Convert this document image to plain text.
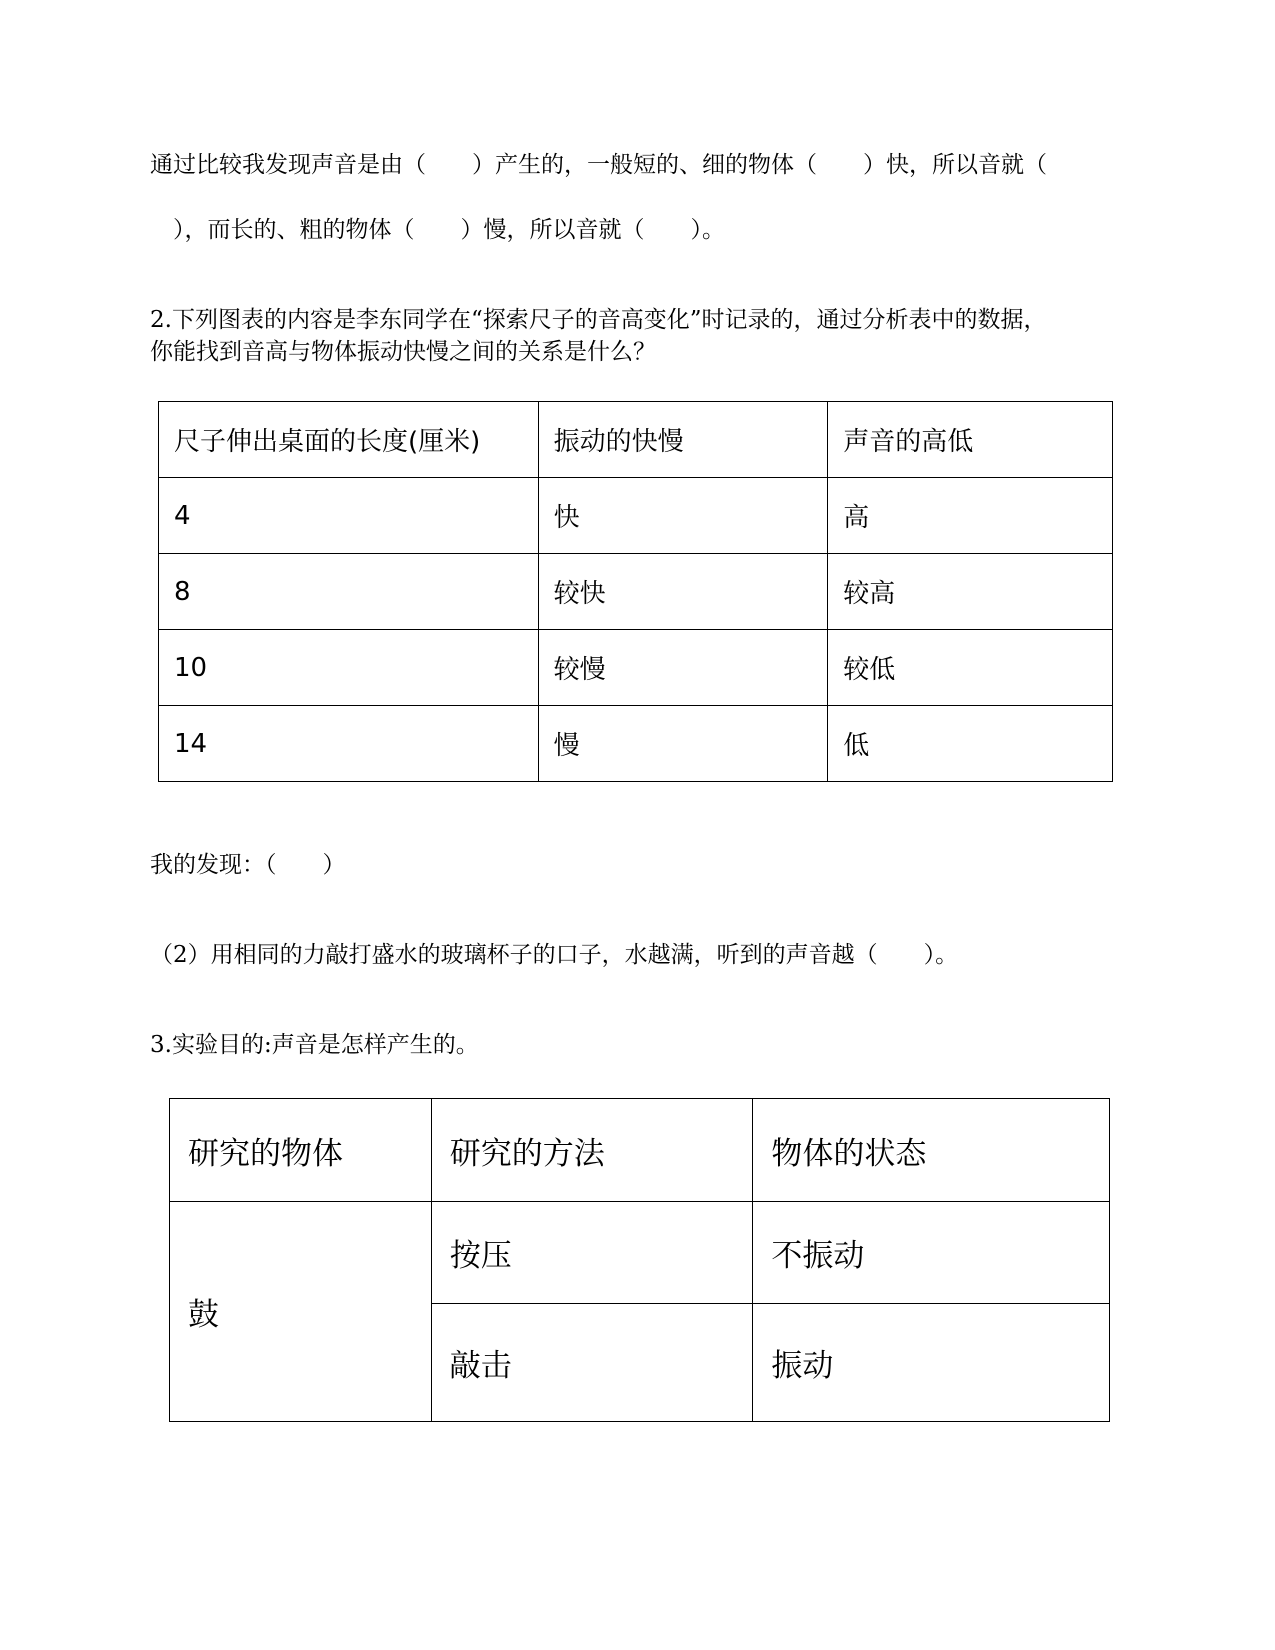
通过比较我发现声音是由（　　）产生的，一般短的、细的物体（　　）快，所以音就（
　），而长的、粗的物体（　　）慢，所以音就（　　）。
2.下列图表的内容是李东同学在“探索尺子的音高变化”时记录的，通过分析表中的数据，
你能找到音高与物体振动快慢之间的关系是什么？
尺子伸出桌面的长度(厘米)	振动的快慢	声音的高低
4	快	高
8	较快	较高
10	较慢	较低
14	慢	低
我的发现：（　　）
（2）用相同的力敲打盛水的玻璃杯子的口子，水越满，听到的声音越（　　）。
3.实验目的:声音是怎样产生的。
研究的物体	研究的方法	物体的状态
鼓	按压	不振动
	敲击	振动
